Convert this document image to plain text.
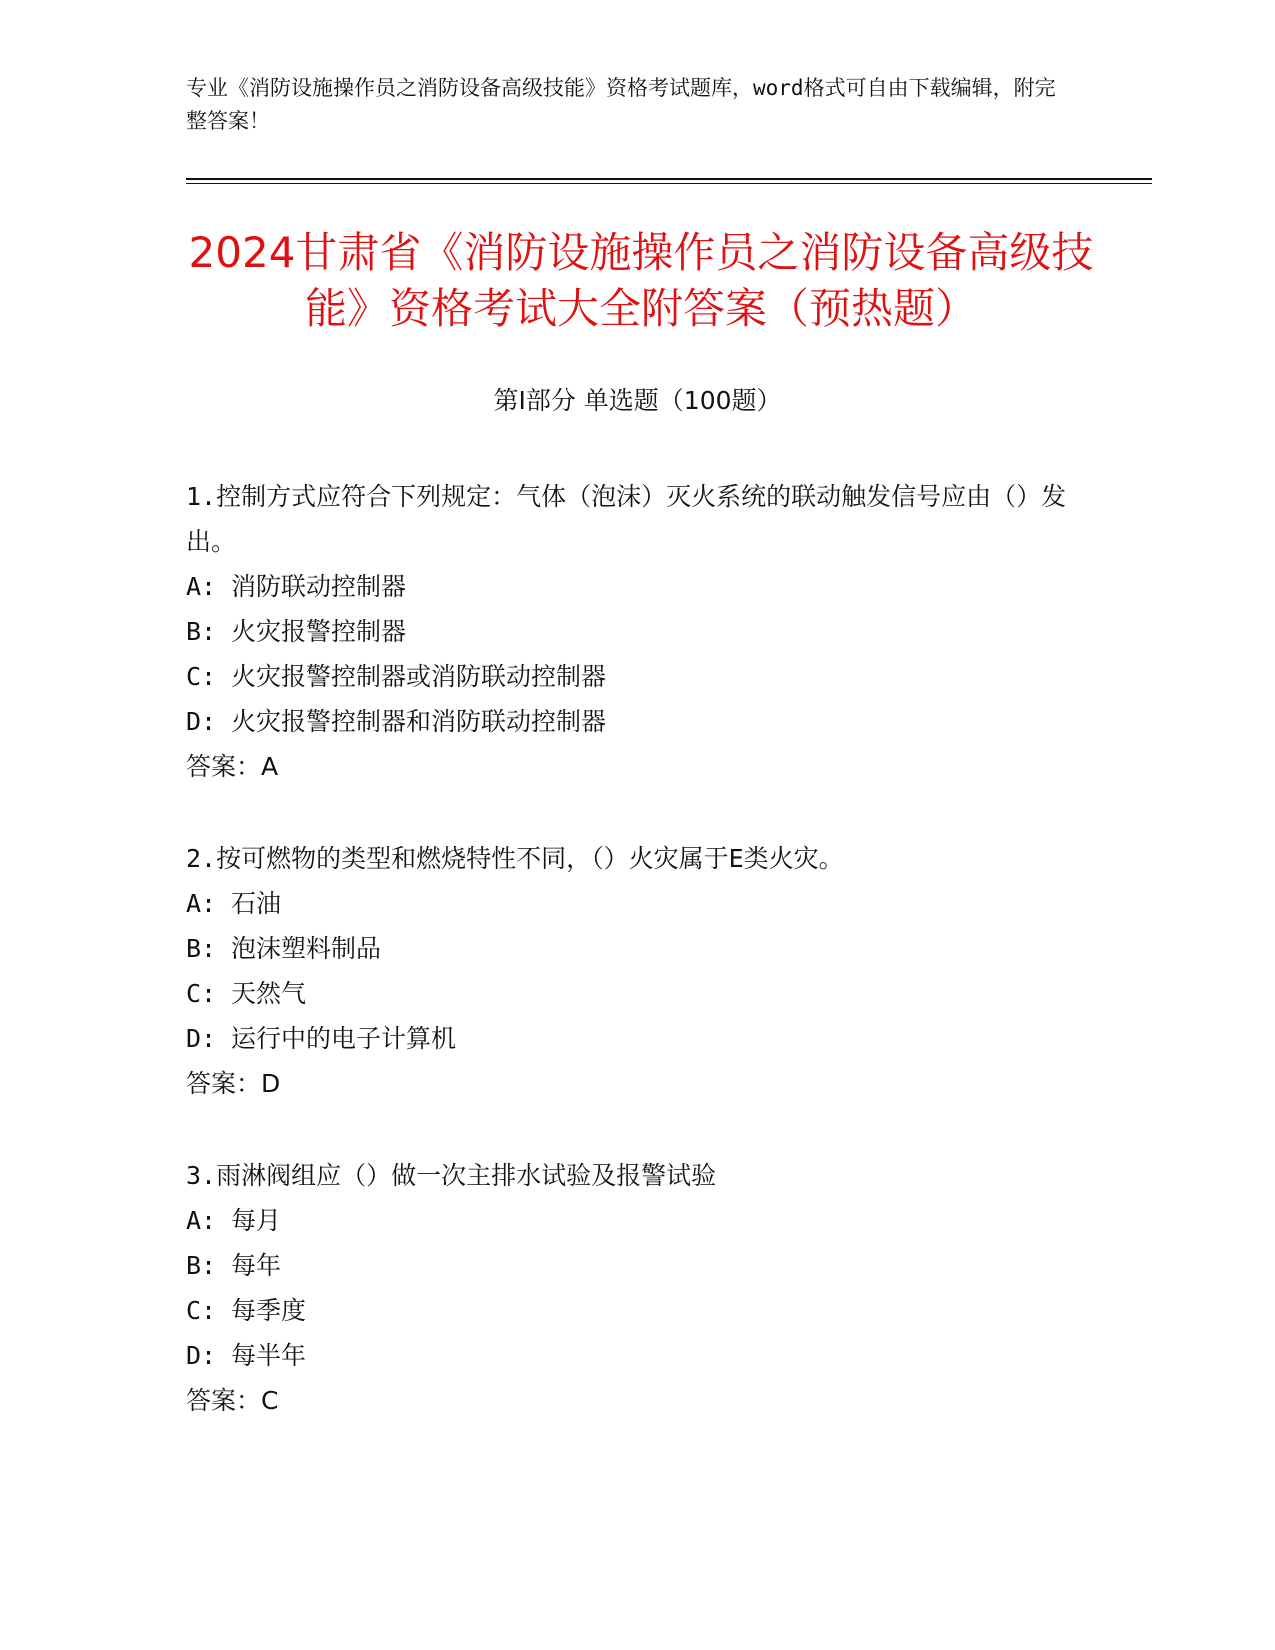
专业《消防设施操作员之消防设备高级技能》资格考试题库，word格式可自由下载编辑，附完整答案！
2024甘肃省《消防设施操作员之消防设备高级技能》资格考试大全附答案（预热题）
第Ⅰ部分 单选题（100题）
1.控制方式应符合下列规定：气体（泡沫）灭火系统的联动触发信号应由（）发出。
A: 消防联动控制器
B: 火灾报警控制器
C: 火灾报警控制器或消防联动控制器
D: 火灾报警控制器和消防联动控制器
答案：A
2.按可燃物的类型和燃烧特性不同，（）火灾属于E类火灾。
A: 石油
B: 泡沫塑料制品
C: 天然气
D: 运行中的电子计算机
答案：D
3.雨淋阀组应（）做一次主排水试验及报警试验
A: 每月
B: 每年
C: 每季度
D: 每半年
答案：C
